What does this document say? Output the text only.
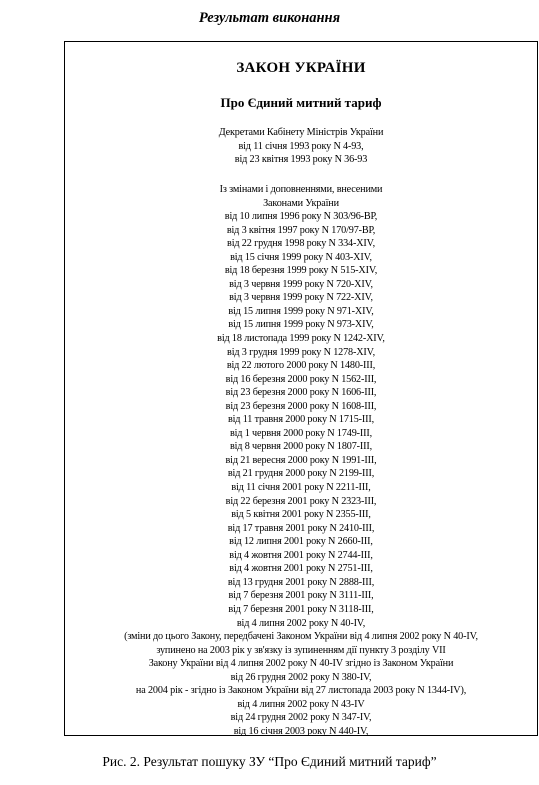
Результат виконання
ЗАКОН УКРАЇНИ
Про Єдиний митний тариф
Декретами Кабінету Міністрів України
від 11 січня 1993 року N 4-93,
від 23 квітня 1993 року N 36-93
Із змінами і доповненнями, внесеними
Законами України
від 10 липня 1996 року N 303/96-ВР,
від 3 квітня 1997 року N 170/97-ВР,
від 22 грудня 1998 року N 334-XIV,
від 15 січня 1999 року N 403-XIV,
від 18 березня 1999 року N 515-XIV,
від 3 червня 1999 року N 720-XIV,
від 3 червня 1999 року N 722-XIV,
від 15 липня 1999 року N 971-XIV,
від 15 липня 1999 року N 973-XIV,
від 18 листопада 1999 року N 1242-XIV,
від 3 грудня 1999 року N 1278-XIV,
від 22 лютого 2000 року N 1480-III,
від 16 березня 2000 року N 1562-III,
від 23 березня 2000 року N 1606-III,
від 23 березня 2000 року N 1608-III,
від 11 травня 2000 року N 1715-III,
від 1 червня 2000 року N 1749-III,
від 8 червня 2000 року N 1807-III,
від 21 вересня 2000 року N 1991-III,
від 21 грудня 2000 року N 2199-III,
від 11 січня 2001 року N 2211-III,
від 22 березня 2001 року N 2323-III,
від 5 квітня 2001 року N 2355-III,
від 17 травня 2001 року N 2410-III,
від 12 липня 2001 року N 2660-III,
від 4 жовтня 2001 року N 2744-III,
від 4 жовтня 2001 року N 2751-III,
від 13 грудня 2001 року N 2888-III,
від 7 березня 2001 року N 3111-III,
від 7 березня 2001 року N 3118-III,
від 4 липня 2002 року N 40-IV,
(зміни до цього Закону, передбачені Законом України від 4 липня 2002 року N 40-IV,
зупинено на 2003 рік у зв'язку із зупиненням дії пункту 3 розділу VII
Закону України від 4 липня 2002 року N 40-IV згідно із Законом України
від 26 грудня 2002 року N 380-IV,
на 2004 рік - згідно із Законом України від 27 листопада 2003 року N 1344-IV),
від 4 липня 2002 року N 43-IV
від 24 грудня 2002 року N 347-IV,
від 16 січня 2003 року N 440-IV,
Рис. 2. Результат пошуку ЗУ “Про Єдиний митний тариф”
